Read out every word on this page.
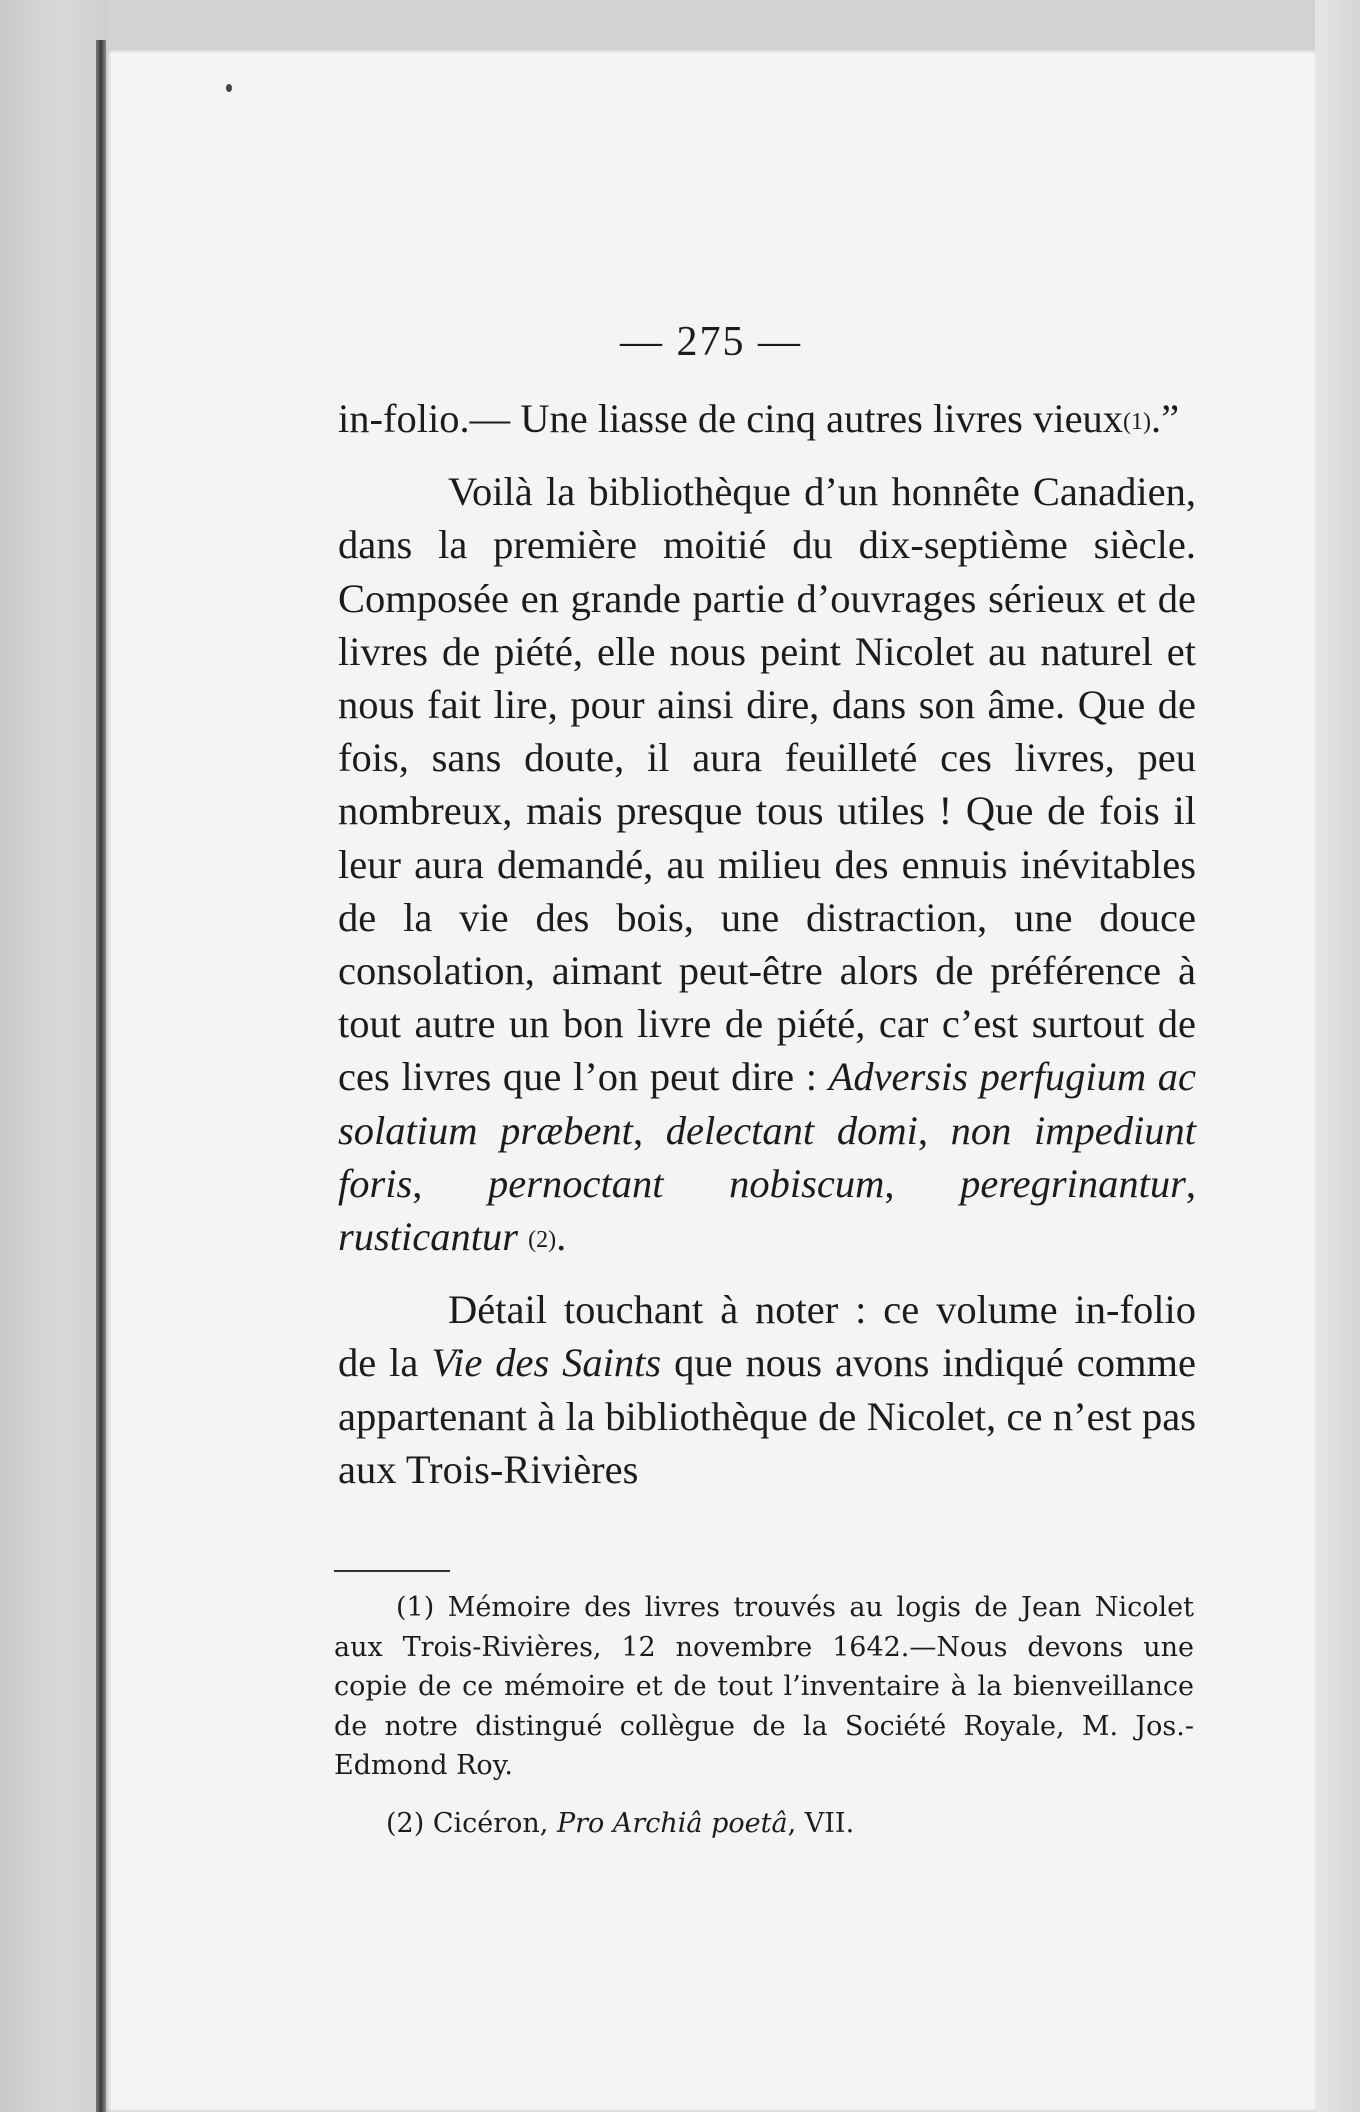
— 275 —

in-folio.— Une liasse de cinq autres livres vieux(1).”

Voilà la bibliothèque d’un honnête Canadien, dans la première moitié du dix-septième siècle. Composée en grande partie d’ouvrages sérieux et de livres de piété, elle nous peint Nicolet au naturel et nous fait lire, pour ainsi dire, dans son âme. Que de fois, sans doute, il aura feuilleté ces livres, peu nombreux, mais presque tous utiles ! Que de fois il leur aura demandé, au milieu des ennuis inévitables de la vie des bois, une distraction, une douce consolation, aimant peut-être alors de préférence à tout autre un bon livre de piété, car c’est surtout de ces livres que l’on peut dire : Adversis perfugium ac solatium præbent, delectant domi, non impediunt foris, pernoctant nobiscum, peregrinantur, rusticantur (2).

Détail touchant à noter : ce volume in-folio de la Vie des Saints que nous avons indiqué comme appartenant à la bibliothèque de Nicolet, ce n’est pas aux Trois-Rivières

(1) Mémoire des livres trouvés au logis de Jean Nicolet aux Trois-Rivières, 12 novembre 1642.—Nous devons une copie de ce mémoire et de tout l’inventaire à la bienveillance de notre distingué collègue de la Société Royale, M. Jos.-Edmond Roy.

(2) Cicéron, Pro Archiâ poetâ, VII.
